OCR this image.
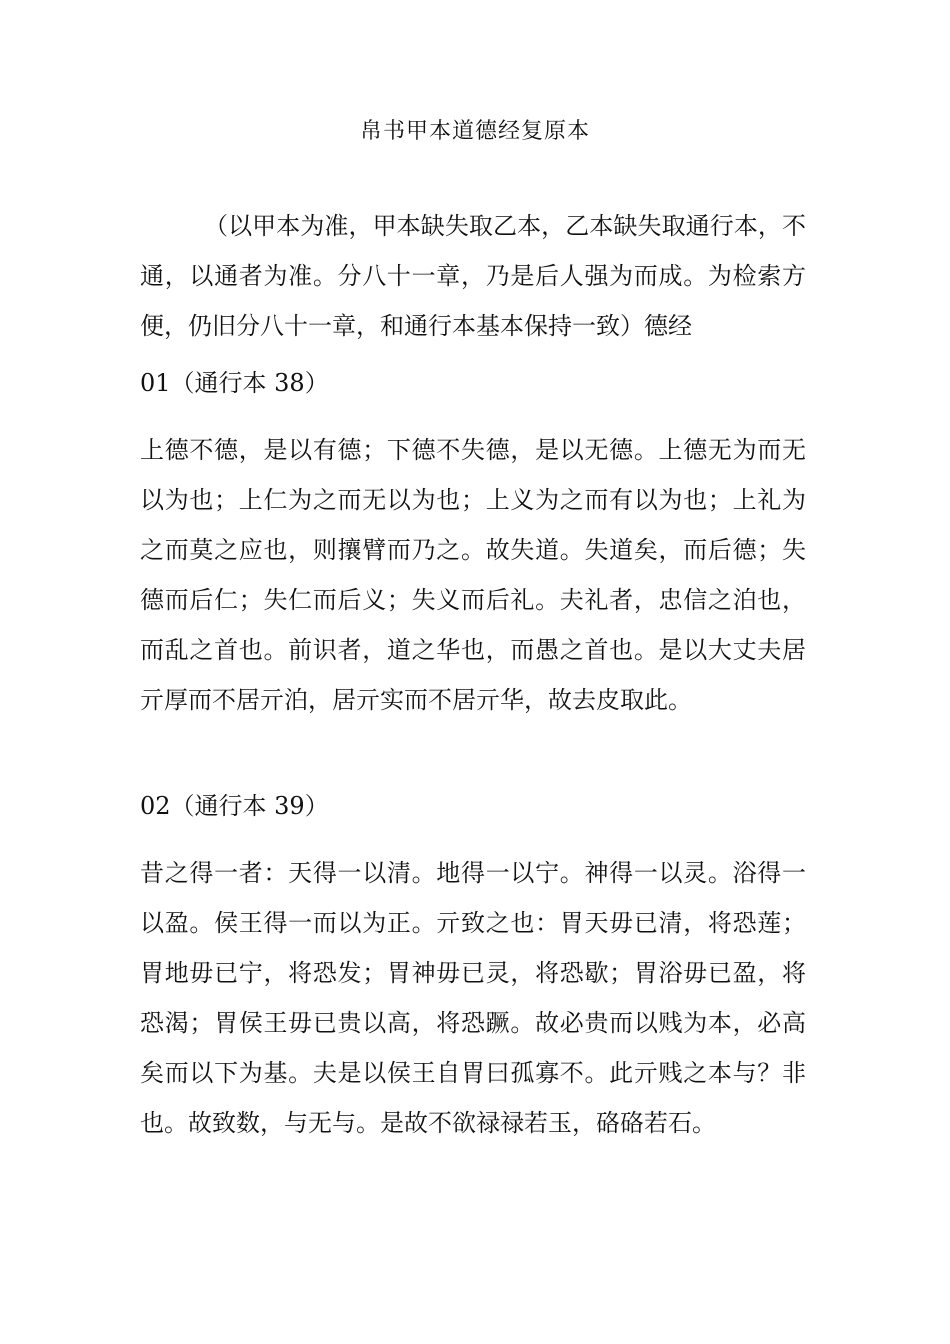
帛书甲本道德经复原本

（以甲本为准，甲本缺失取乙本，乙本缺失取通行本，不通，以通者为准。分八十一章，乃是后人强为而成。为检索方便，仍旧分八十一章，和通行本基本保持一致）德经

01（通行本 38）

上德不德，是以有德；下德不失德，是以无德。上德无为而无以为也；上仁为之而无以为也；上义为之而有以为也；上礼为之而莫之应也，则攘臂而乃之。故失道。失道矣，而后德；失德而后仁；失仁而后义；失义而后礼。夫礼者，忠信之泊也，而乱之首也。前识者，道之华也，而愚之首也。是以大丈夫居亓厚而不居亓泊，居亓实而不居亓华，故去皮取此。

02（通行本 39）

昔之得一者：天得一以清。地得一以宁。神得一以灵。浴得一以盈。侯王得一而以为正。亓致之也：胃天毋已清，将恐莲；胃地毋已宁，将恐发；胃神毋已灵，将恐歇；胃浴毋已盈，将恐渴；胃侯王毋已贵以高，将恐蹶。故必贵而以贱为本，必高矣而以下为基。夫是以侯王自胃曰孤寡不。此亓贱之本与？非也。故致数，与无与。是故不欲禄禄若玉，硌硌若石。
